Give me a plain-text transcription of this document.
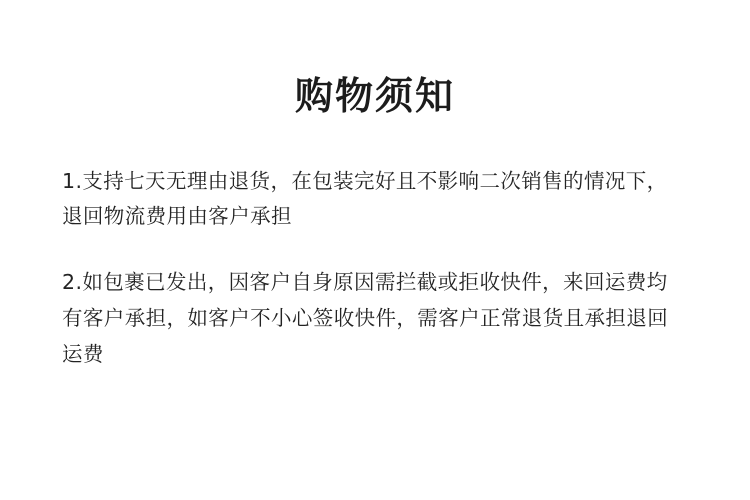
购物须知

1.支持七天无理由退货，在包装完好且不影响二次销售的情况下，退回物流费用由客户承担

2.如包裹已发出，因客户自身原因需拦截或拒收快件，来回运费均有客户承担，如客户不小心签收快件，需客户正常退货且承担退回运费
